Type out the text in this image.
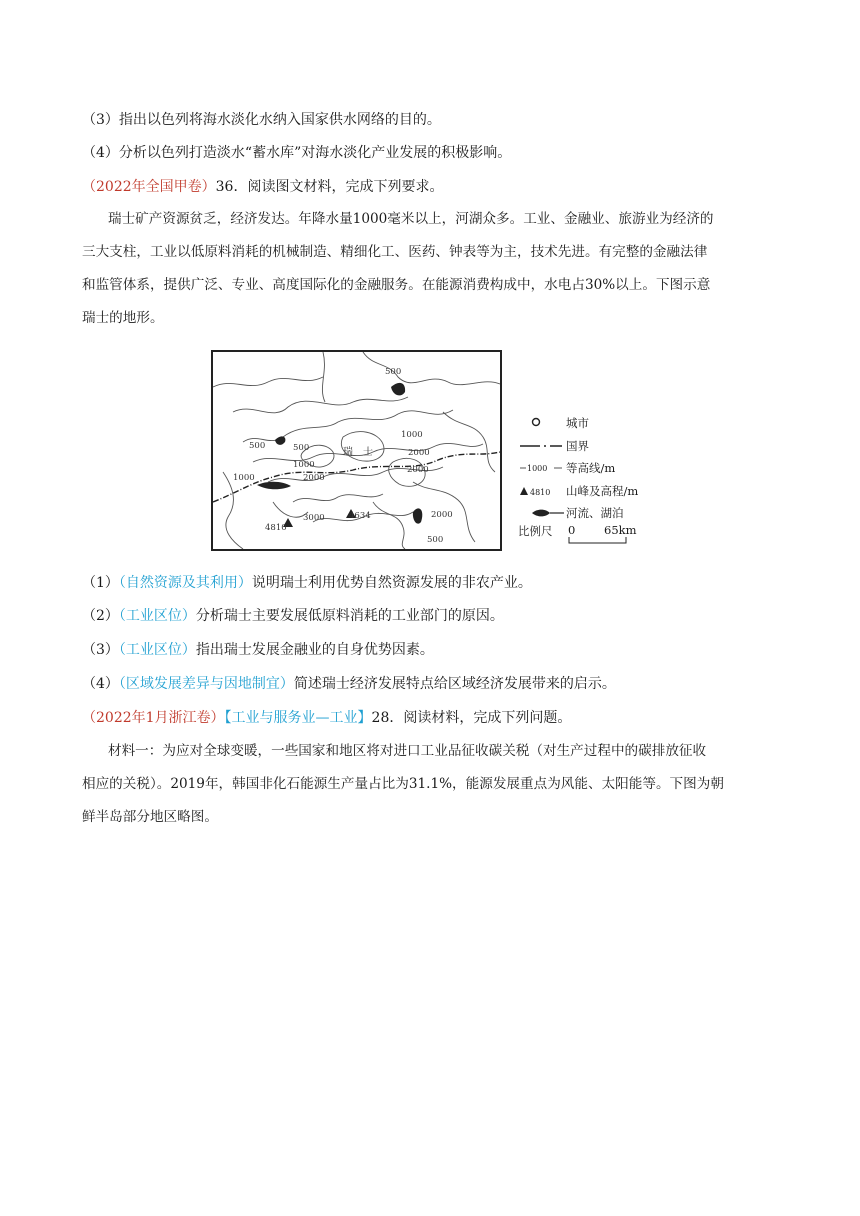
（3）指出以色列将海水淡化水纳入国家供水网络的目的。
（4）分析以色列打造淡水“蓄水库”对海水淡化产业发展的积极影响。
（2022年全国甲卷）36．阅读图文材料，完成下列要求。
瑞士矿产资源贫乏，经济发达。年降水量1000毫米以上，河湖众多。工业、金融业、旅游业为经济的
三大支柱，工业以低原料消耗的机械制造、精细化工、医药、钟表等为主，技术先进。有完整的金融法律
和监管体系，提供广泛、专业、高度国际化的金融服务。在能源消费构成中，水电占30%以上。下图示意
瑞士的地形。
500
1000
500	500
1000
1000	2000
2000
2000
3000	2000
500
4810
4634
瑞　士
城市
国界
1000 等高线/m
4810 山峰及高程/m
河流、湖泊
比例尺 0 65km
（1）（自然资源及其利用）说明瑞士利用优势自然资源发展的非农产业。
（2）（工业区位）分析瑞士主要发展低原料消耗的工业部门的原因。
（3）（工业区位）指出瑞士发展金融业的自身优势因素。
（4）（区域发展差异与因地制宜）简述瑞士经济发展特点给区域经济发展带来的启示。
（2022年1月浙江卷）【工业与服务业—工业】28．阅读材料，完成下列问题。
材料一：为应对全球变暖，一些国家和地区将对进口工业品征收碳关税（对生产过程中的碳排放征收
相应的关税）。2019年，韩国非化石能源生产量占比为31.1%，能源发展重点为风能、太阳能等。下图为朝
鲜半岛部分地区略图。
